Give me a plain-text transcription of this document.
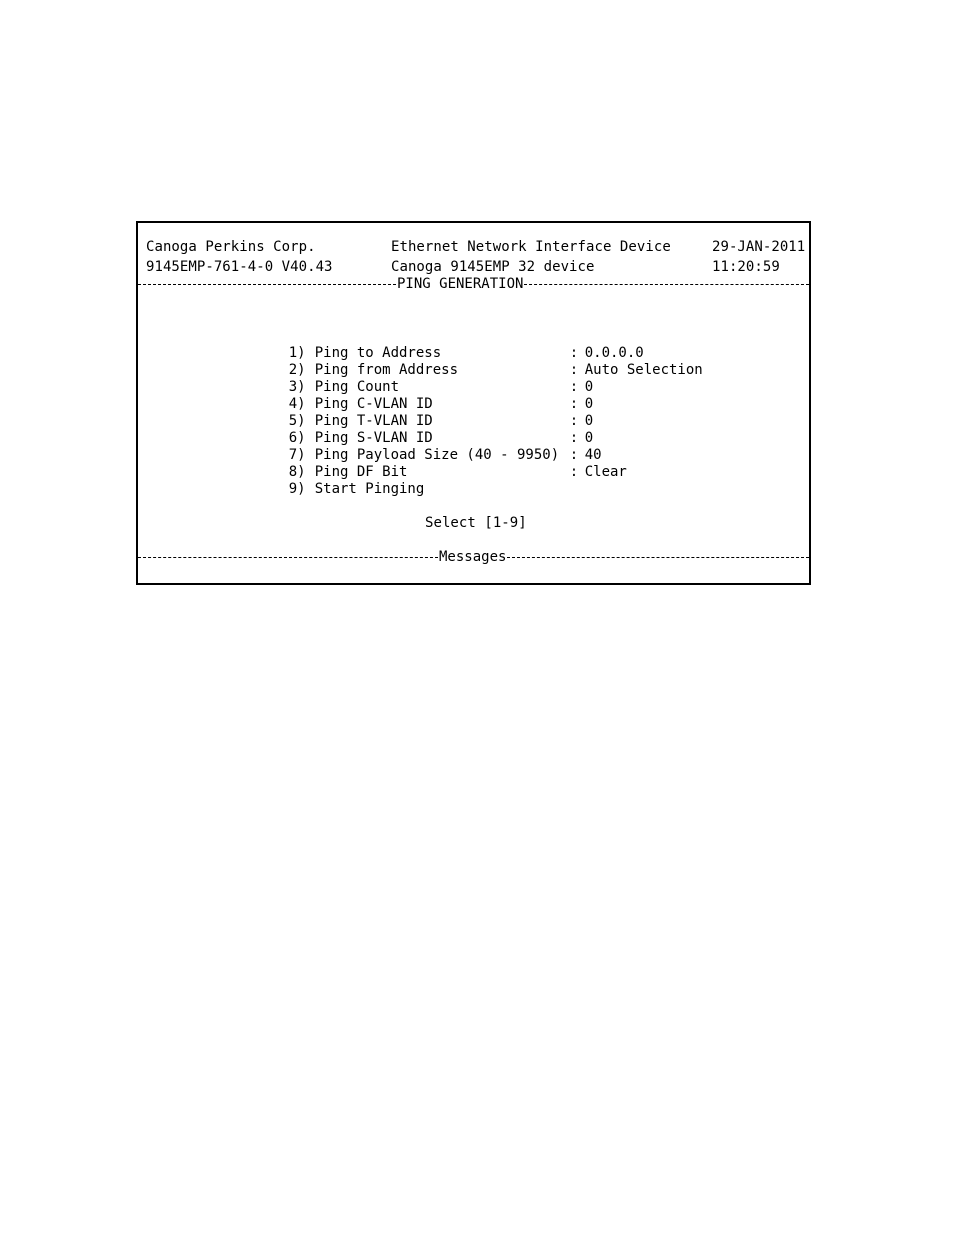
Canoga Perkins Corp.	Ethernet Network Interface Device	29-JAN-2011
9145EMP-761-4-0 V40.43	Canoga 9145EMP 32 device	11:20:59
PING GENERATION

1) Ping to Address	: 0.0.0.0

2) Ping from Address	: Auto Selection

3) Ping Count	: 0

4) Ping C-VLAN ID	: 0

5) Ping T-VLAN ID	: 0

6) Ping S-VLAN ID	: 0

7) Ping Payload Size (40 - 9950) : 40

8) Ping DF Bit	: Clear

9) Start Pinging

Select [1-9]
Messages
